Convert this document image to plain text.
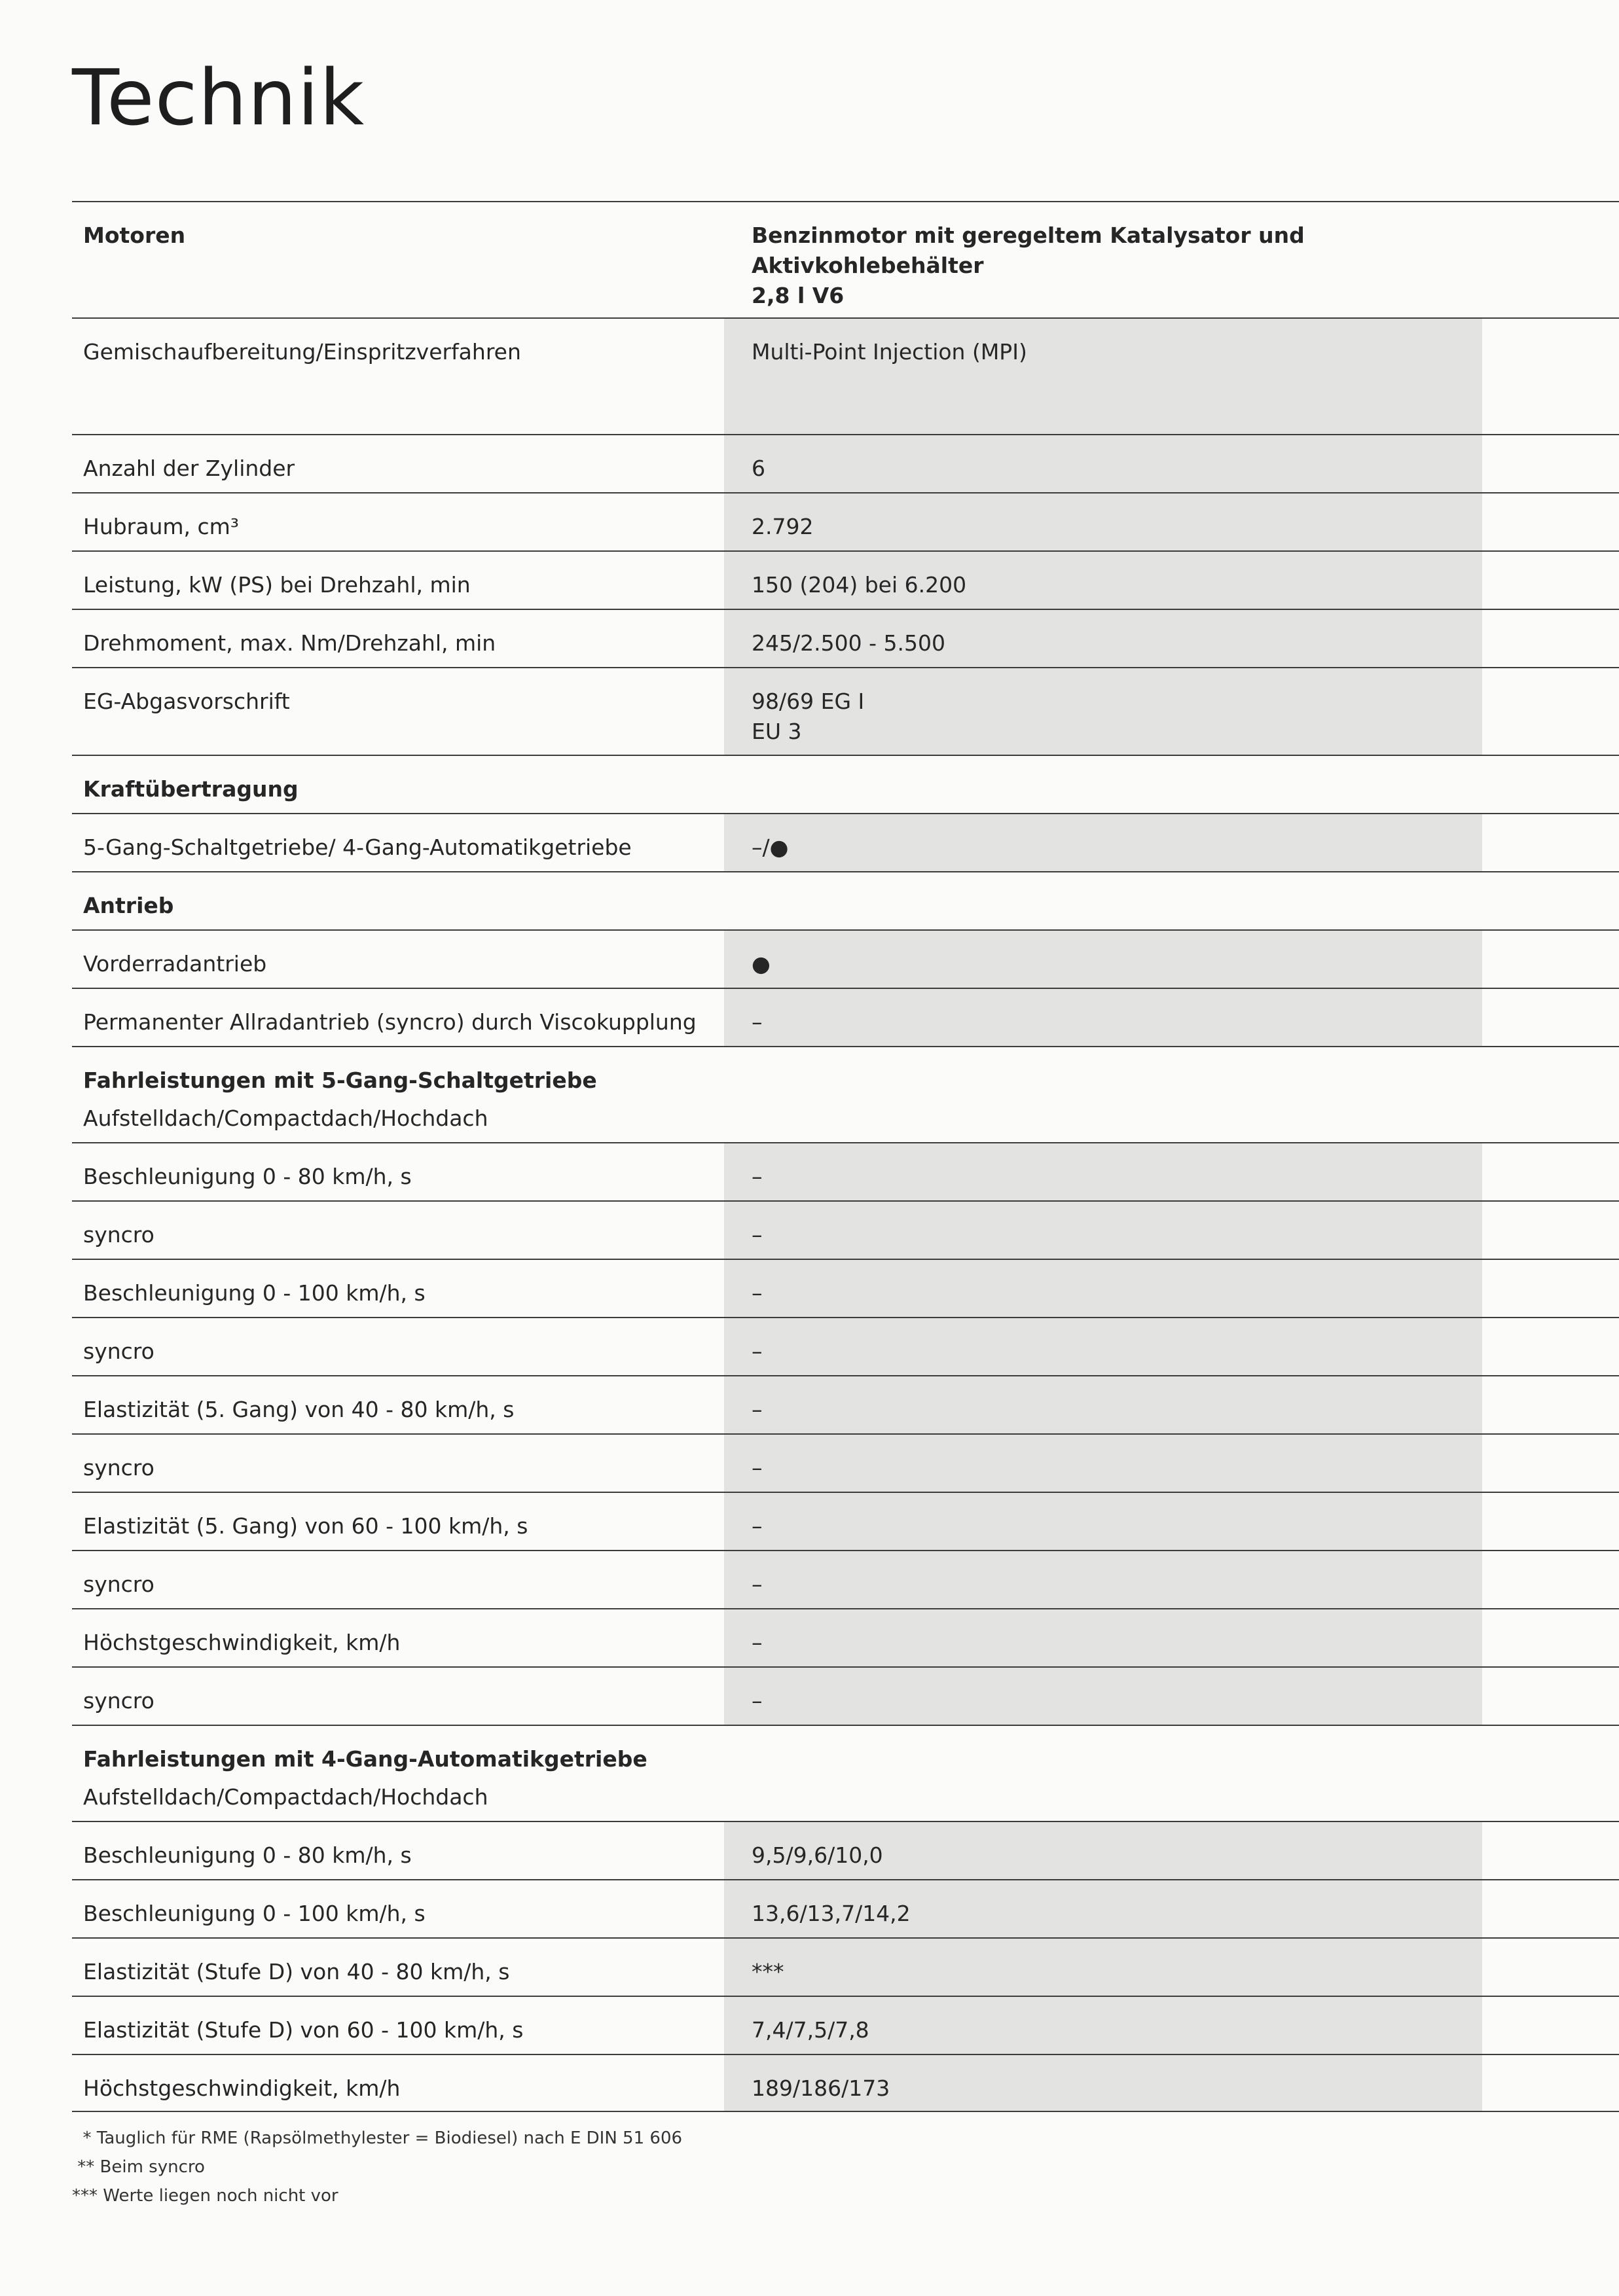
Technik
Motoren	Benzinmotor mit geregeltem Katalysator und Aktivkohlebehälter
2,8 l V6
Gemischaufbereitung/Einspritzverfahren	Multi-Point Injection (MPI)
Anzahl der Zylinder	6
Hubraum, cm³	2.792
Leistung, kW (PS) bei Drehzahl, min	150 (204) bei 6.200
Drehmoment, max. Nm/Drehzahl, min	245/2.500 - 5.500
EG-Abgasvorschrift	98/69 EG I
EU 3
Kraftübertragung
5-Gang-Schaltgetriebe/ 4-Gang-Automatikgetriebe	–/●
Antrieb
Vorderradantrieb	●
Permanenter Allradantrieb (syncro) durch Viscokupplung	–
Fahrleistungen mit 5-Gang-Schaltgetriebe
Aufstelldach/Compactdach/Hochdach
Beschleunigung 0 - 80 km/h, s	–
syncro	–
Beschleunigung 0 - 100 km/h, s	–
syncro	–
Elastizität (5. Gang) von 40 - 80 km/h, s	–
syncro	–
Elastizität (5. Gang) von 60 - 100 km/h, s	–
syncro	–
Höchstgeschwindigkeit, km/h	–
syncro	–
Fahrleistungen mit 4-Gang-Automatikgetriebe
Aufstelldach/Compactdach/Hochdach
Beschleunigung 0 - 80 km/h, s	9,5/9,6/10,0
Beschleunigung 0 - 100 km/h, s	13,6/13,7/14,2
Elastizität (Stufe D) von 40 - 80 km/h, s	***
Elastizität (Stufe D) von 60 - 100 km/h, s	7,4/7,5/7,8
Höchstgeschwindigkeit, km/h	189/186/173
* Tauglich für RME (Rapsölmethylester = Biodiesel) nach E DIN 51 606
** Beim syncro
*** Werte liegen noch nicht vor
